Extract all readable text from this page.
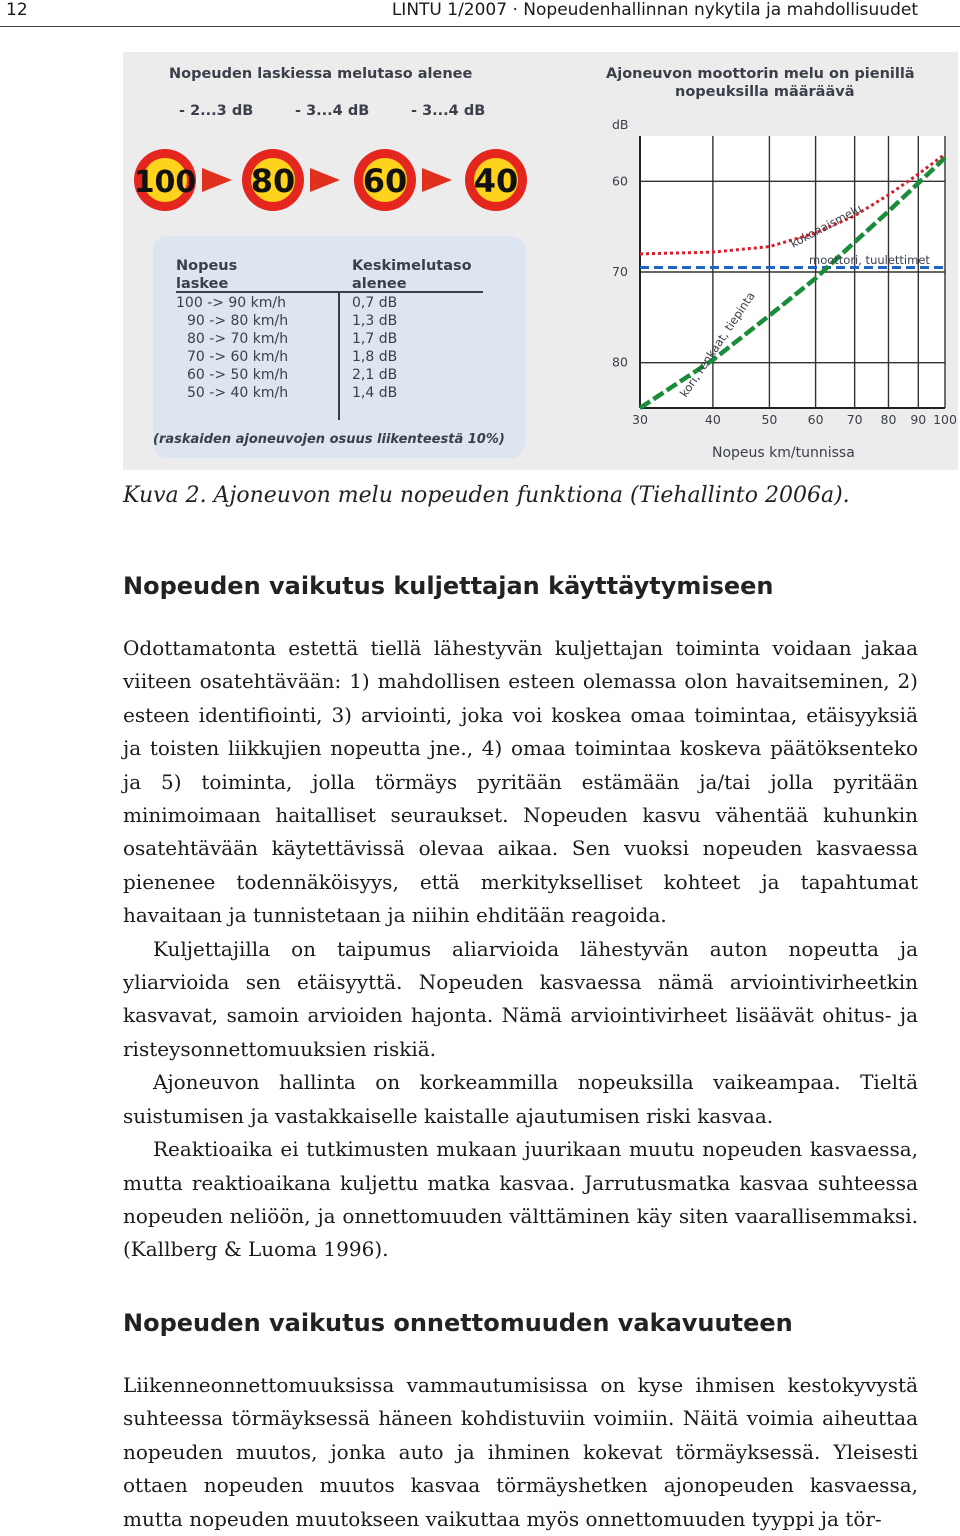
12	LINTU 1/2007 · Nopeudenhallinnan nykytila ja mahdollisuudet
Nopeuden laskiessa melutaso alenee
- 2...3 dB	- 3...4 dB	- 3...4 dB
100 80 60 40
Nopeus
laskee
Keskimelutaso
alenee
100 -> 90 km/h	0,7 dB
90 -> 80 km/h	1,3 dB
80 -> 70 km/h	1,7 dB
70 -> 60 km/h	1,8 dB
60 -> 50 km/h	2,1 dB
50 -> 40 km/h	1,4 dB
(raskaiden ajoneuvojen osuus liikenteestä 10%)
Ajoneuvon moottorin melu on pienillä
nopeuksilla määräävä
dB
80
70
60
30	40	50 60 70 80 90 100
kokonaismelu
moottori, tuulettimet
kori, renkaat, tiepinta
Nopeus km/tunnissa
Kuva 2. Ajoneuvon melu nopeuden funktiona (Tiehallinto 2006a).
Nopeuden vaikutus kuljettajan käyttäytymiseen

Odottamatonta estettä tiellä lähestyvän kuljettajan toiminta voidaan jakaa viiteen osatehtävään: 1) mahdollisen esteen olemassa olon havaitseminen, 2) esteen identifiointi, 3) arviointi, joka voi koskea omaa toimintaa, etäisyyksiä ja toisten liikkujien nopeutta jne., 4) omaa toimintaa koskeva päätöksenteko ja 5) toiminta, jolla törmäys pyritään estämään ja/tai jolla pyritään minimoimaan haitalliset seuraukset. Nopeuden kasvu vähentää kuhunkin osatehtävään käytettävissä olevaa aikaa. Sen vuoksi nopeuden kasvaessa pienenee todennäköisyys, että merkitykselliset kohteet ja tapahtumat havaitaan ja tunnistetaan ja niihin ehditään reagoida.

Kuljettajilla on taipumus aliarvioida lähestyvän auton nopeutta ja yliarvioida sen etäisyyttä. Nopeuden kasvaessa nämä arviointivirheetkin kasvavat, samoin arvioiden hajonta. Nämä arviointivirheet lisäävät ohitus- ja risteysonnettomuuksien riskiä.

Ajoneuvon hallinta on korkeammilla nopeuksilla vaikeampaa. Tieltä suistumisen ja vastakkaiselle kaistalle ajautumisen riski kasvaa.

Reaktioaika ei tutkimusten mukaan juurikaan muutu nopeuden kasvaessa, mutta reaktioaikana kuljettu matka kasvaa. Jarrutusmatka kasvaa suhteessa nopeuden neliöön, ja onnettomuuden välttäminen käy siten vaarallisemmaksi. (Kallberg & Luoma 1996).

Nopeuden vaikutus onnettomuuden vakavuuteen

Liikenneonnettomuuksissa vammautumisissa on kyse ihmisen kestokyvystä suhteessa törmäyksessä häneen kohdistuviin voimiin. Näitä voimia aiheuttaa nopeuden muutos, jonka auto ja ihminen kokevat törmäyksessä. Yleisesti ottaen nopeuden muutos kasvaa törmäyshetken ajonopeuden kasvaessa, mutta nopeuden muutokseen vaikuttaa myös onnettomuuden tyyppi ja tör-
